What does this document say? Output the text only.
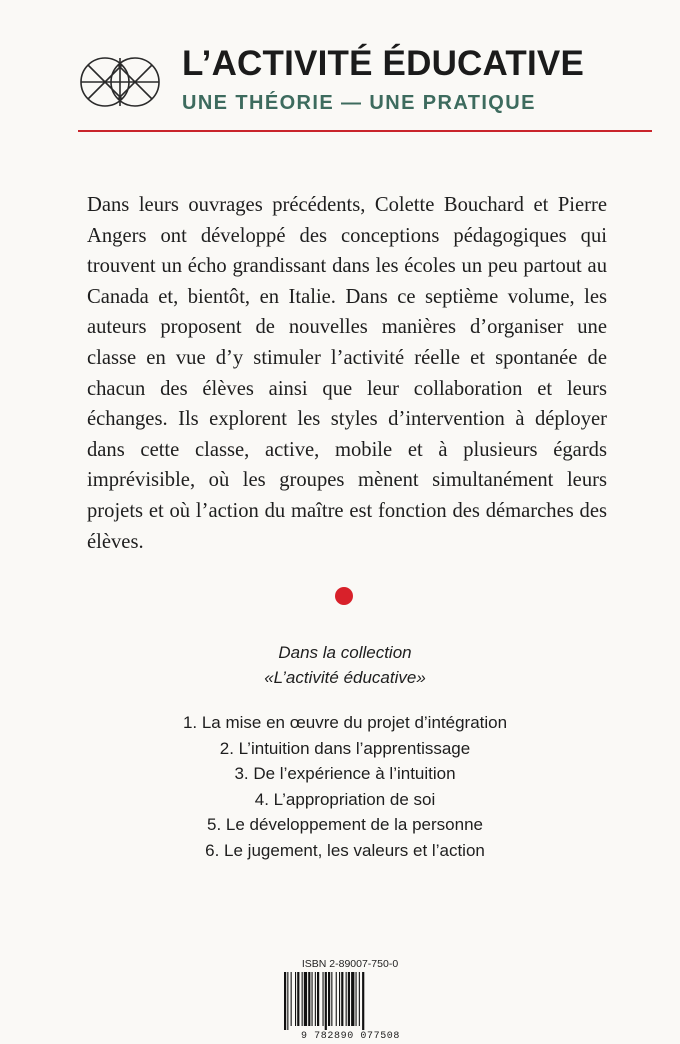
L’ACTIVITÉ ÉDUCATIVE
UNE THÉORIE — UNE PRATIQUE

Dans leurs ouvrages précédents, Colette Bouchard et Pierre Angers ont développé des conceptions pédagogiques qui trouvent un écho grandissant dans les écoles un peu partout au Canada et, bientôt, en Italie. Dans ce septième volume, les auteurs proposent de nouvelles manières d’organiser une classe en vue d’y stimuler l’activité réelle et spontanée de chacun des élèves ainsi que leur collaboration et leurs échanges. Ils explorent les styles d’intervention à déployer dans cette classe, active, mobile et à plusieurs égards imprévisible, où les groupes mènent simultanément leurs projets et où l’action du maître est fonction des démarches des élèves.

Dans la collection
«L’activité éducative»
1. La mise en œuvre du projet d’intégration
2. L’intuition dans l’apprentissage
3. De l’expérience à l’intuition
4. L’appropriation de soi
5. Le développement de la personne
6. Le jugement, les valeurs et l’action
ISBN 2-89007-750-0
9 782890 077508
